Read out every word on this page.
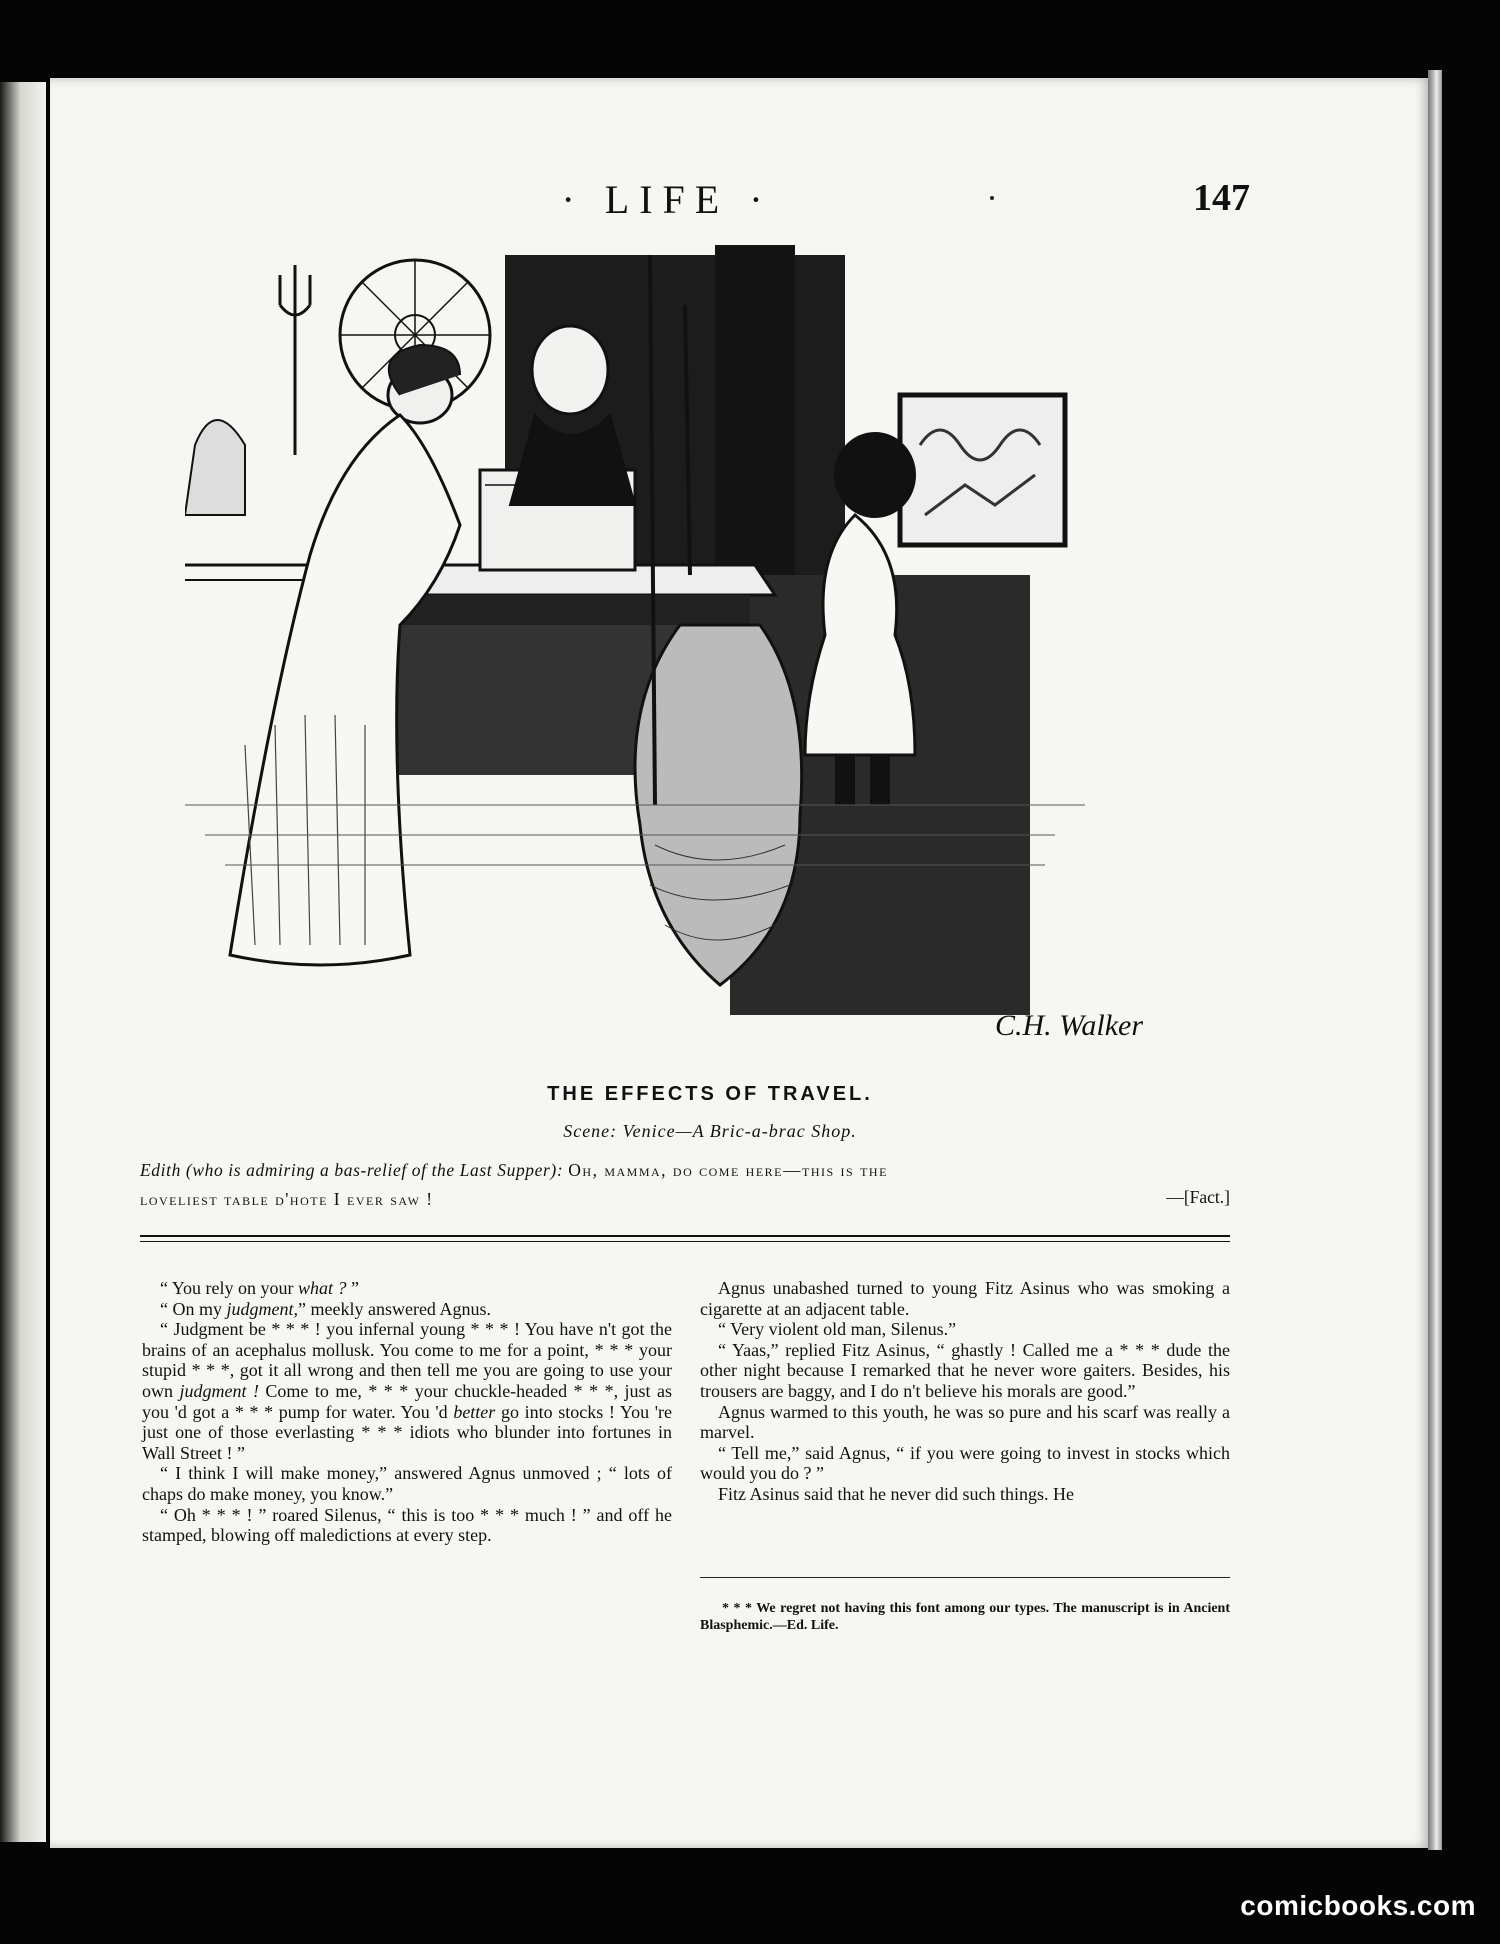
· LIFE ·	147
C.H. Walker
THE EFFECTS OF TRAVEL.
Scene: Venice—A Bric-a-brac Shop.
Edith (who is admiring a bas-relief of the Last Supper): Oh, mamma, do come here—this is the
loveliest table d'hote I ever saw !	—[Fact.]

“ You rely on your what ? ”

“ On my judgment,” meekly answered Agnus.

“ Judgment be * * * ! you infernal young * * * ! You have n't got the brains of an acephalus mollusk. You come to me for a point, * * * your stupid * * *, got it all wrong and then tell me you are going to use your own judgment ! Come to me, * * * your chuckle-headed * * *, just as you 'd got a * * * pump for water. You 'd better go into stocks ! You 're just one of those everlasting * * * idiots who blunder into fortunes in Wall Street ! ”

“ I think I will make money,” answered Agnus unmoved ; “ lots of chaps do make money, you know.”

“ Oh * * * ! ” roared Silenus, “ this is too * * * much ! ” and off he stamped, blowing off maledictions at every step.

Agnus unabashed turned to young Fitz Asinus who was smoking a cigarette at an adjacent table.

“ Very violent old man, Silenus.”

“ Yaas,” replied Fitz Asinus, “ ghastly ! Called me a * * * dude the other night because I remarked that he never wore gaiters. Besides, his trousers are baggy, and I do n't believe his morals are good.”

Agnus warmed to this youth, he was so pure and his scarf was really a marvel.

“ Tell me,” said Agnus, “ if you were going to invest in stocks which would you do ? ”

Fitz Asinus said that he never did such things. He

* * * We regret not having this font among our types. The manuscript is in Ancient Blasphemic.—Ed. Life.
comicbooks.com
